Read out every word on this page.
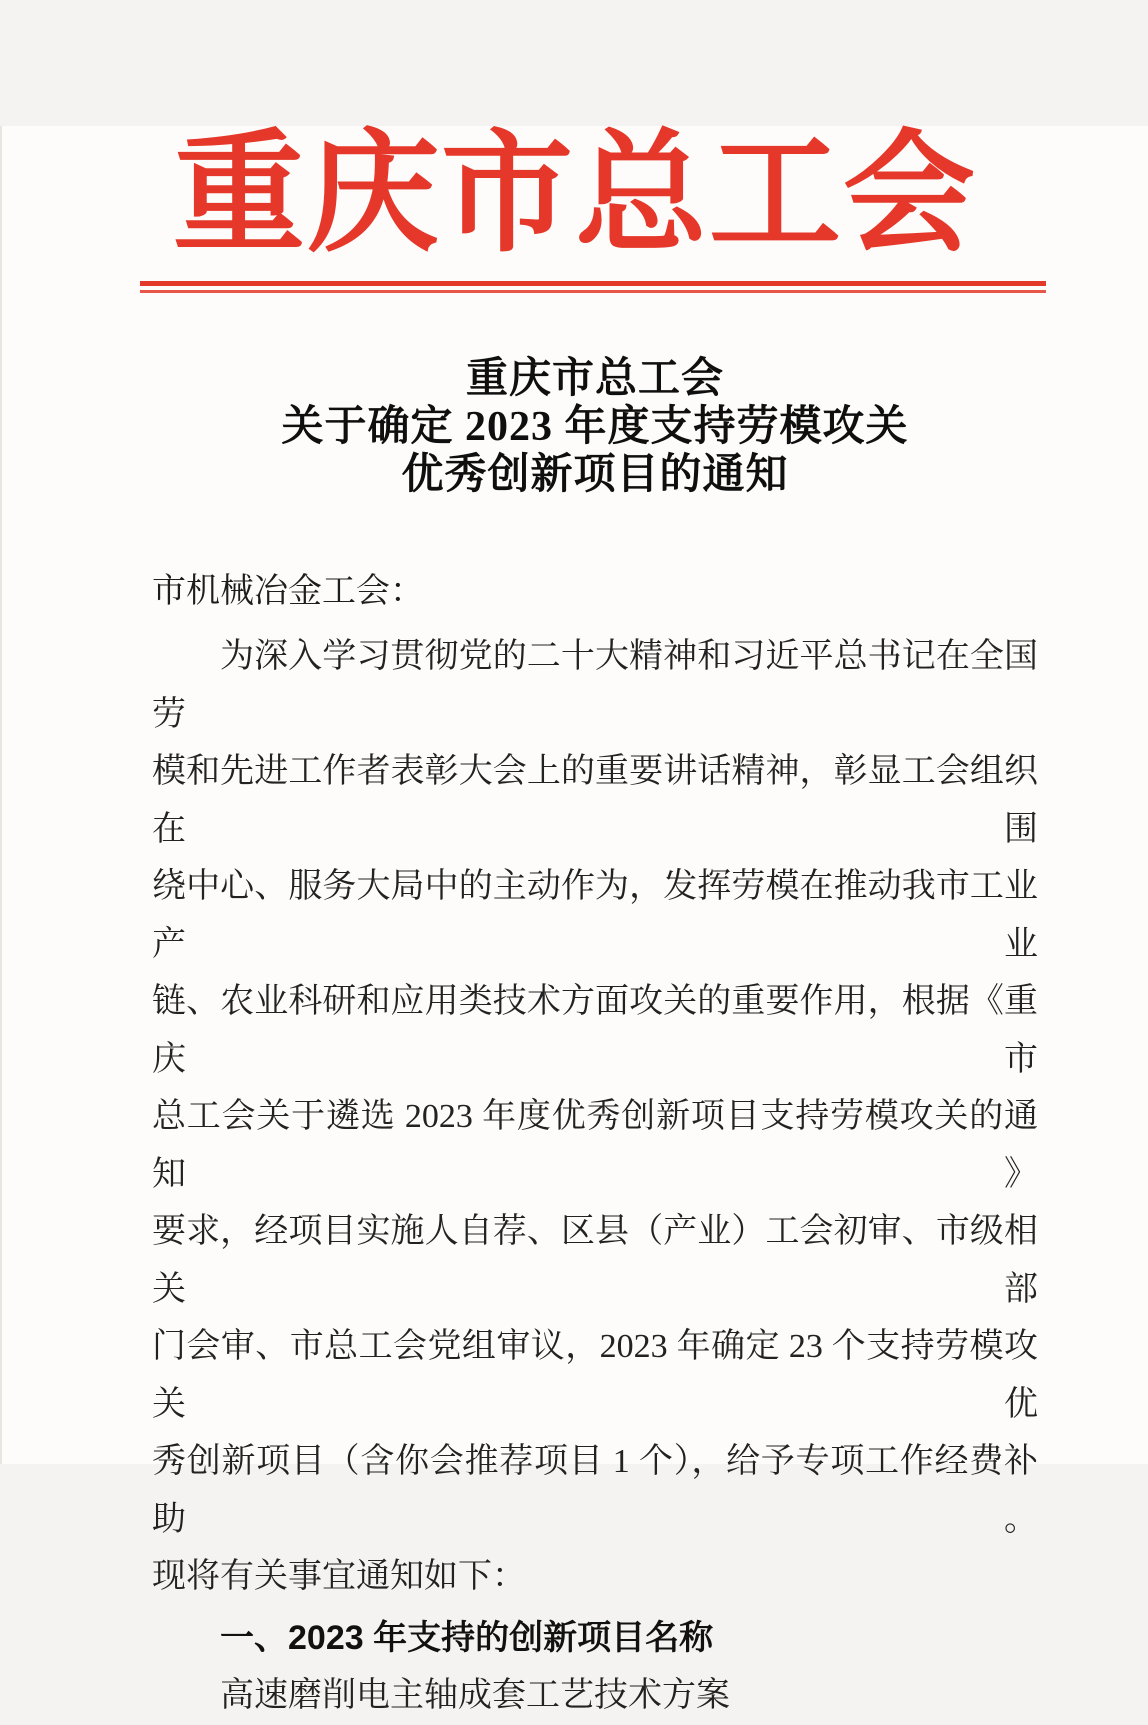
重庆市总工会
重庆市总工会
关于确定 2023 年度支持劳模攻关
优秀创新项目的通知
市机械冶金工会：
为深入学习贯彻党的二十大精神和习近平总书记在全国劳
模和先进工作者表彰大会上的重要讲话精神，彰显工会组织在围
绕中心、服务大局中的主动作为，发挥劳模在推动我市工业产业
链、农业科研和应用类技术方面攻关的重要作用，根据《重庆市
总工会关于遴选 2023 年度优秀创新项目支持劳模攻关的通知》
要求，经项目实施人自荐、区县（产业）工会初审、市级相关部
门会审、市总工会党组审议，2023 年确定 23 个支持劳模攻关优
秀创新项目（含你会推荐项目 1 个），给予专项工作经费补助。
现将有关事宜通知如下：
一、2023 年支持的创新项目名称
高速磨削电主轴成套工艺技术方案
